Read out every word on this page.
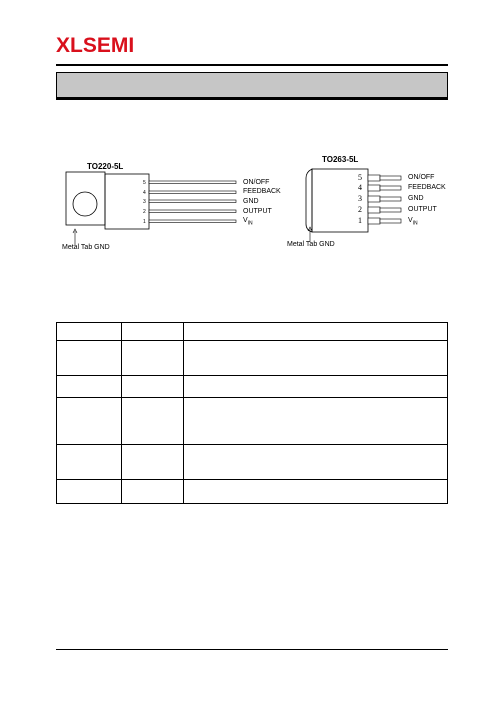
XLSEMI
TO220-5L
5
4
3
2
1
ON/OFF
FEEDBACK
GND
OUTPUT
$V_{IN}$
Metal Tab GND
TO263-5L
5
4
3
2
1
ON/OFF
FEEDBACK
GND
OUTPUT
$V_{IN}$
Metal Tab GND
